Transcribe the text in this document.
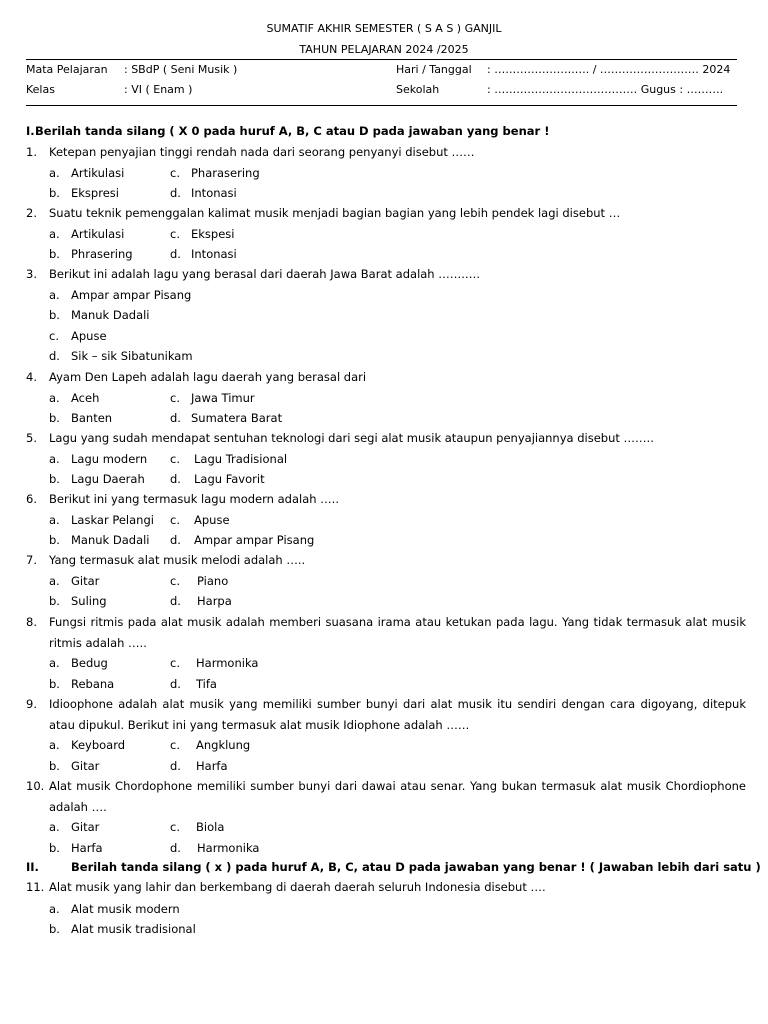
SUMATIF AKHIR SEMESTER ( S A S ) GANJIL
TAHUN PELAJARAN 2024 /2025
Mata Pelajaran : SBdP ( Seni Musik )	Hari / Tanggal : ………………….…. / ……………………… 2024
Kelas	: VI ( Enam )	Sekolah	: ………………………………… Gugus : ……….
I. Berilah tanda silang ( X 0 pada huruf A, B, C atau D pada jawaban yang benar !
1. Ketepan penyajian tinggi rendah nada dari seorang penyanyi disebut ……
a. Artikulasi	c. Pharasering
b. Ekspresi	d. Intonasi
2. Suatu teknik pemenggalan kalimat musik menjadi bagian bagian yang lebih pendek lagi disebut …
a. Artikulasi	c. Ekspesi
b. Phrasering	d. Intonasi
3. Berikut ini adalah lagu yang berasal dari daerah Jawa Barat adalah …….….
a. Ampar ampar Pisang
b. Manuk Dadali
c. Apuse
d. Sik – sik Sibatunikam
4. Ayam Den Lapeh adalah lagu daerah yang berasal dari
a. Aceh	c. Jawa Timur
b. Banten	d. Sumatera Barat
5. Lagu yang sudah mendapat sentuhan teknologi dari segi alat musik ataupun penyajiannya disebut ……..
a. Lagu modern c. Lagu Tradisional
b. Lagu Daerah d. Lagu Favorit
6. Berikut ini yang termasuk lagu modern adalah …..
a. Laskar Pelangi c. Apuse
b. Manuk Dadali d. Ampar ampar Pisang
7. Yang termasuk alat musik melodi adalah …..
a. Gitar	c. Piano
b. Suling	d. Harpa
8. Fungsi ritmis pada alat musik adalah memberi suasana irama atau ketukan pada lagu. Yang tidak termasuk alat musik ritmis adalah …..
a. Bedug	c. Harmonika
b. Rebana	d. Tifa
9. Idioophone adalah alat musik yang memiliki sumber bunyi dari alat musik itu sendiri dengan cara digoyang, ditepuk atau dipukul. Berikut ini yang termasuk alat musik Idiophone adalah ……
a. Keyboard	c. Angklung
b. Gitar	d. Harfa
10. Alat musik Chordophone memiliki sumber bunyi dari dawai atau senar. Yang bukan termasuk alat musik Chordiophone adalah ….
a. Gitar	c. Biola
b. Harfa	d. Harmonika
II.	Berilah tanda silang ( x ) pada huruf A, B, C, atau D pada jawaban yang benar ! ( Jawaban lebih dari satu )
11. Alat musik yang lahir dan berkembang di daerah daerah seluruh Indonesia disebut ….
a. Alat musik modern
b. Alat musik tradisional
